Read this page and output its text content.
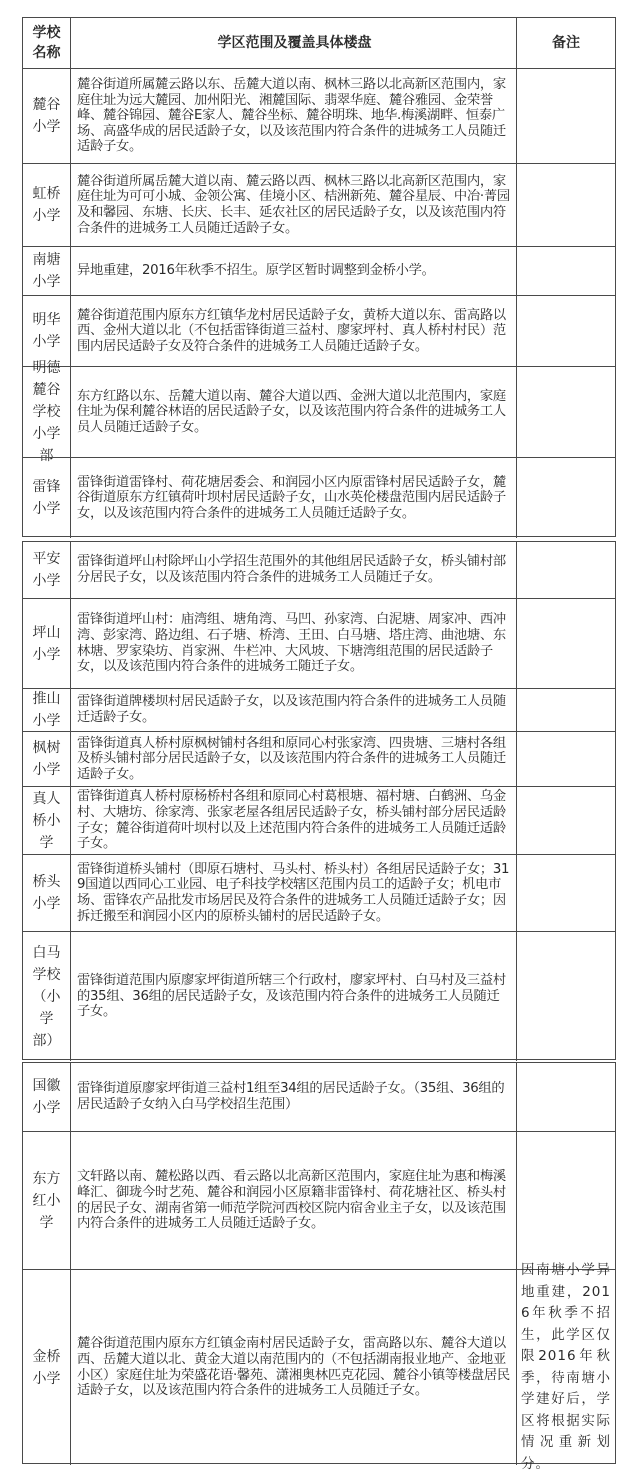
学校名称
学区范围及覆盖具体楼盘	备注
麓谷小学
麓谷街道所属麓云路以东、岳麓大道以南、枫林三路以北高新区范围内，家庭住址为远大麓园、加州阳光、湘麓国际、翡翠华庭、麓谷雅园、金荣誉峰、麓谷锦园、麓谷E家人、麓谷坐标、麓谷明珠、地华.梅溪湖畔、恒泰广场、高盛华成的居民适龄子女，以及该范围内符合条件的进城务工人员随迁适龄子女。
虹桥小学
麓谷街道所属岳麓大道以南、麓云路以西、枫林三路以北高新区范围内，家庭住址为可可小城、金领公寓、佳境小区、桔洲新苑、麓谷星辰、中冶·菁园及和馨园、东塘、长庆、长丰、延农社区的居民适龄子女，以及该范围内符合条件的进城务工人员随迁适龄子女。
南塘小学
异地重建，2016年秋季不招生。原学区暂时调整到金桥小学。
明华小学
麓谷街道范围内原东方红镇华龙村居民适龄子女，黄桥大道以东、雷高路以西、金州大道以北（不包括雷锋街道三益村、廖家坪村、真人桥村村民）范围内居民适龄子女及符合条件的进城务工人员随迁适龄子女。
明德麓谷学校小学部
东方红路以东、岳麓大道以南、麓谷大道以西、金洲大道以北范围内，家庭住址为保利麓谷林语的居民适龄子女，以及该范围内符合条件的进城务工人员人员随迁适龄子女。
雷锋小学
雷锋街道雷锋村、荷花塘居委会、和润园小区内原雷锋村居民适龄子女，麓谷街道原东方红镇荷叶坝村居民适龄子女，山水英伦楼盘范围内居民适龄子女，以及该范围内符合条件的进城务工人员随迁适龄子女。
平安小学
雷锋街道坪山村除坪山小学招生范围外的其他组居民适龄子女，桥头铺村部分居民子女，以及该范围内符合条件的进城务工人员随迁子女。
坪山小学
雷锋街道坪山村：庙湾组、塘角湾、马凹、孙家湾、白泥塘、周家冲、西冲湾、彭家湾、路边组、石子塘、桥湾、王田、白马塘、塔庄湾、曲池塘、东林塘、罗家染坊、肖家洲、牛栏冲、大风坡、下塘湾组范围的居民适龄子女，以及该范围内符合条件的进城务工随迁子女。
推山小学
雷锋街道牌楼坝村居民适龄子女，以及该范围内符合条件的进城务工人员随迁适龄子女。
枫树小学
雷锋街道真人桥村原枫树铺村各组和原同心村张家湾、四贵塘、三塘村各组及桥头铺村部分居民适龄子女，以及该范围内符合条件的进城务工人员随迁适龄子女。
真人桥小学
雷锋街道真人桥村原杨桥村各组和原同心村葛根塘、福村塘、白鹤洲、乌金村、大塘坊、徐家湾、张家老屋各组居民适龄子女，桥头铺村部分居民适龄子女；麓谷街道荷叶坝村以及上述范围内符合条件的进城务工人员随迁适龄子女。
桥头小学
雷锋街道桥头铺村（即原石塘村、马头村、桥头村）各组居民适龄子女；319国道以西同心工业园、电子科技学校辖区范围内员工的适龄子女；机电市场、雷锋农产品批发市场居民及符合条件的进城务工人员随迁适龄子女；因拆迁搬至和润园小区内的原桥头铺村的居民适龄子女。
白马学校（小学部）
雷锋街道范围内原廖家坪街道所辖三个行政村，廖家坪村、白马村及三益村的35组、36组的居民适龄子女，及该范围内符合条件的进城务工人员随迁子女。
国徽小学
雷锋街道原廖家坪街道三益村1组至34组的居民适龄子女。（35组、36组的居民适龄子女纳入白马学校招生范围）
东方红小学
文轩路以南、麓松路以西、看云路以北高新区范围内，家庭住址为惠和梅溪峰汇、御珑今时艺苑、麓谷和润园小区原籍非雷锋村、荷花塘社区、桥头村的居民子女、湖南省第一师范学院河西校区院内宿舍业主子女，以及该范围内符合条件的进城务工人员随迁适龄子女。
金桥小学
麓谷街道范围内原东方红镇金南村居民适龄子女，雷高路以东、麓谷大道以西、岳麓大道以北、黄金大道以南范围内的（不包括湖南报业地产、金地亚小区）家庭住址为荣盛花语·馨苑、潇湘奥林匹克花园、麓谷小镇等楼盘居民适龄子女，以及该范围内符合条件的进城务工人员随迁子女。
因南塘小学异地重建，2016年秋季不招生，此学区仅限2016年秋季，待南塘小学建好后，学区将根据实际情况重新划分。
